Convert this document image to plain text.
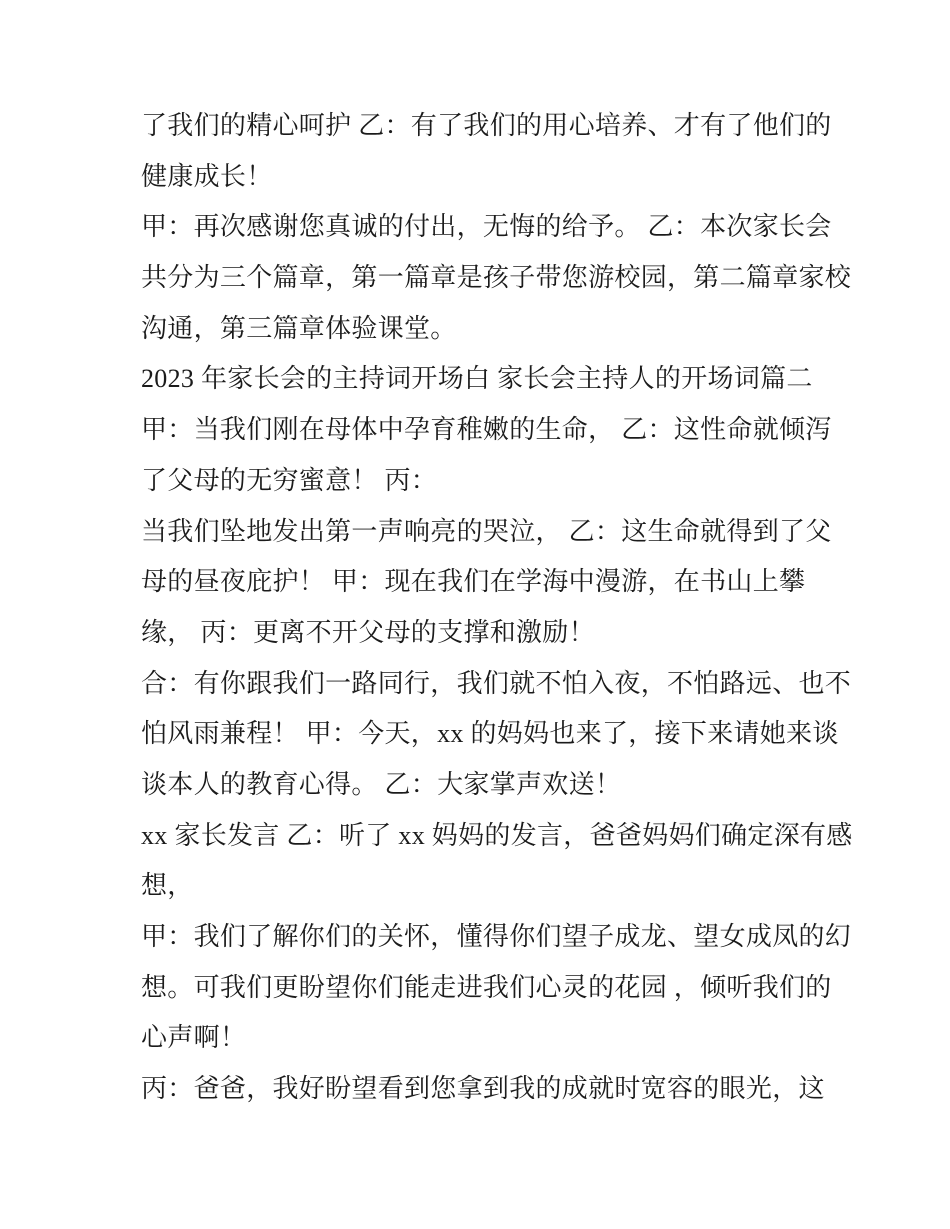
了我们的精心呵护 乙：有了我们的用心培养、才有了他们的
健康成长！
甲：再次感谢您真诚的付出，无悔的给予。 乙：本次家长会
共分为三个篇章，第一篇章是孩子带您游校园，第二篇章家校
沟通，第三篇章体验课堂。
2023 年家长会的主持词开场白 家长会主持人的开场词篇二
甲：当我们刚在母体中孕育稚嫩的生命， 乙：这性命就倾泻
了父母的无穷蜜意！ 丙：
当我们坠地发出第一声响亮的哭泣， 乙：这生命就得到了父
母的昼夜庇护！ 甲：现在我们在学海中漫游，在书山上攀
缘， 丙：更离不开父母的支撑和激励！
合：有你跟我们一路同行，我们就不怕入夜，不怕路远、也不
怕风雨兼程！ 甲：今天，xx 的妈妈也来了，接下来请她来谈
谈本人的教育心得。 乙：大家掌声欢送！
xx 家长发言 乙：听了 xx 妈妈的发言，爸爸妈妈们确定深有感
想，
甲：我们了解你们的关怀，懂得你们望子成龙、望女成凤的幻
想。可我们更盼望你们能走进我们心灵的花园 ，倾听我们的
心声啊！
丙：爸爸，我好盼望看到您拿到我的成就时宽容的眼光，这
